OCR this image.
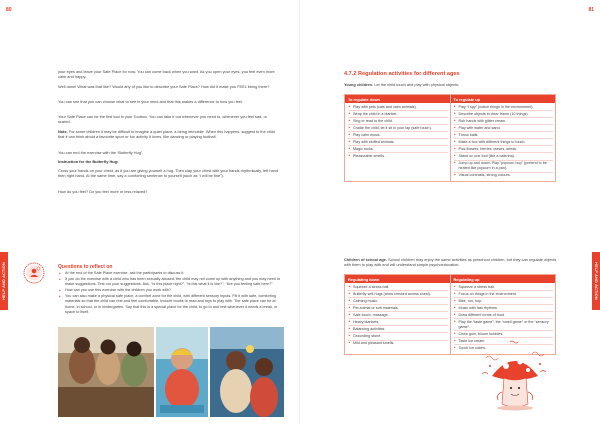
80
HELP AND ACTION

your eyes and leave your Safe Place for now. You can come back when you want. As you open your eyes, you feel even more calm and happy.

Well done! What was that like? Would any of you like to describe your Safe Place? How did it make you FEEL being there?

You can see that you can choose what to see in your mind and that this makes a difference to how you feel.

Your Safe Place can be the first tool in your Toolbox. You can take it out whenever you need to, whenever you feel sad, or scared.

Note. For some children it may be difficult to imagine a quiet place, a being immobile. When this happens, suggest to the child that it can think about a favourite sport or fun activity it loves, like dancing or playing football.

You can end the exercise with the “Butterfly Hug”.

Instruction for the Butterfly Hug:

Cross your hands on your chest, as if you are giving yourself a hug. Then clap your chest with your hands rhythmically, left hand then right hand. At the same time, say a comforting sentence to yourself (such as “I will be fine”).

How do you feel? Do you feel more or less relaxed?

Questions to reflect on
• At the end of the Safe Place exercise, ask the participants to discuss it.
• If you do the exercise with a child who has been sexually abused, the child may not come up with anything and you may need to make suggestions. Test out your suggestions. Ask, “Is this place right?”, “Is this what it is like?”, “Are you feeling safe here?”
• How can you use this exercise with the children you work with?
• You can also make a physical safe place, a comfort zone for the child, with different sensory inputs. Fill it with safe, comforting materials so that the child can rest and feel comfortable. Include books to read and toys to play with. The safe place can be at home, in school, or in kindergarten. Say that this is a special place for the child, to go to and rest whenever it needs a break, or space to itself.
81
HELP AND ACTION
4.7.2 Regulation activities for different ages

Young children. Let the child touch and play with physical objects:

To regulate down	To regulate up
• Play with pets (cats and calm animals).
• Wrap the child in a blanket.
• Sing or read to the child.
• Cradle the child, let it sit in your lap (safe touch).
• Play calm music.
• Play with stuffed animals.
• Magic rocks.
• Pleasurable smells.
• Play “I spy” (notice things in the environment).
• Describe objects in clear frame (10 things).
• Rub hands with glitter cream.
• Play with water and sand.
• Throw balls.
• Make a box with different things to touch.
• Pick flowers, berries, leaves, seeds.
• Stand on one foot (like a balerina).
• Jump up and down. Play “popcorn hop” (pretend to be heated like popcorn in a pan).
• Visual contrasts, strong colours.

Children of school age. School children may enjoy the same activities as preschool children, but they can regulate objects with them to play with and will understand simple psychoeducation.

Regulating down	Regulating up
• Squeeze a stress ball.
• Butterfly self-hugs (arms crossed across chest).
• Calming music.
• Pet animal or soft materials.
• Safe touch, massage.
• Heavy blankets.
• Balancing activities.
• Grounding stone.
• Mild and pleasant smells.
• Squeeze a stress ball.
• Focus on things in the environment.
• Bike, run, hop.
• Music with fast rhythms.
• Draw different forms of food.
• Play the “taste game”, the “smell game” or the “sensory game”.
• Chew gum, bloom bubbles.
• Taste ice cream.
• Touch ice cubes.
